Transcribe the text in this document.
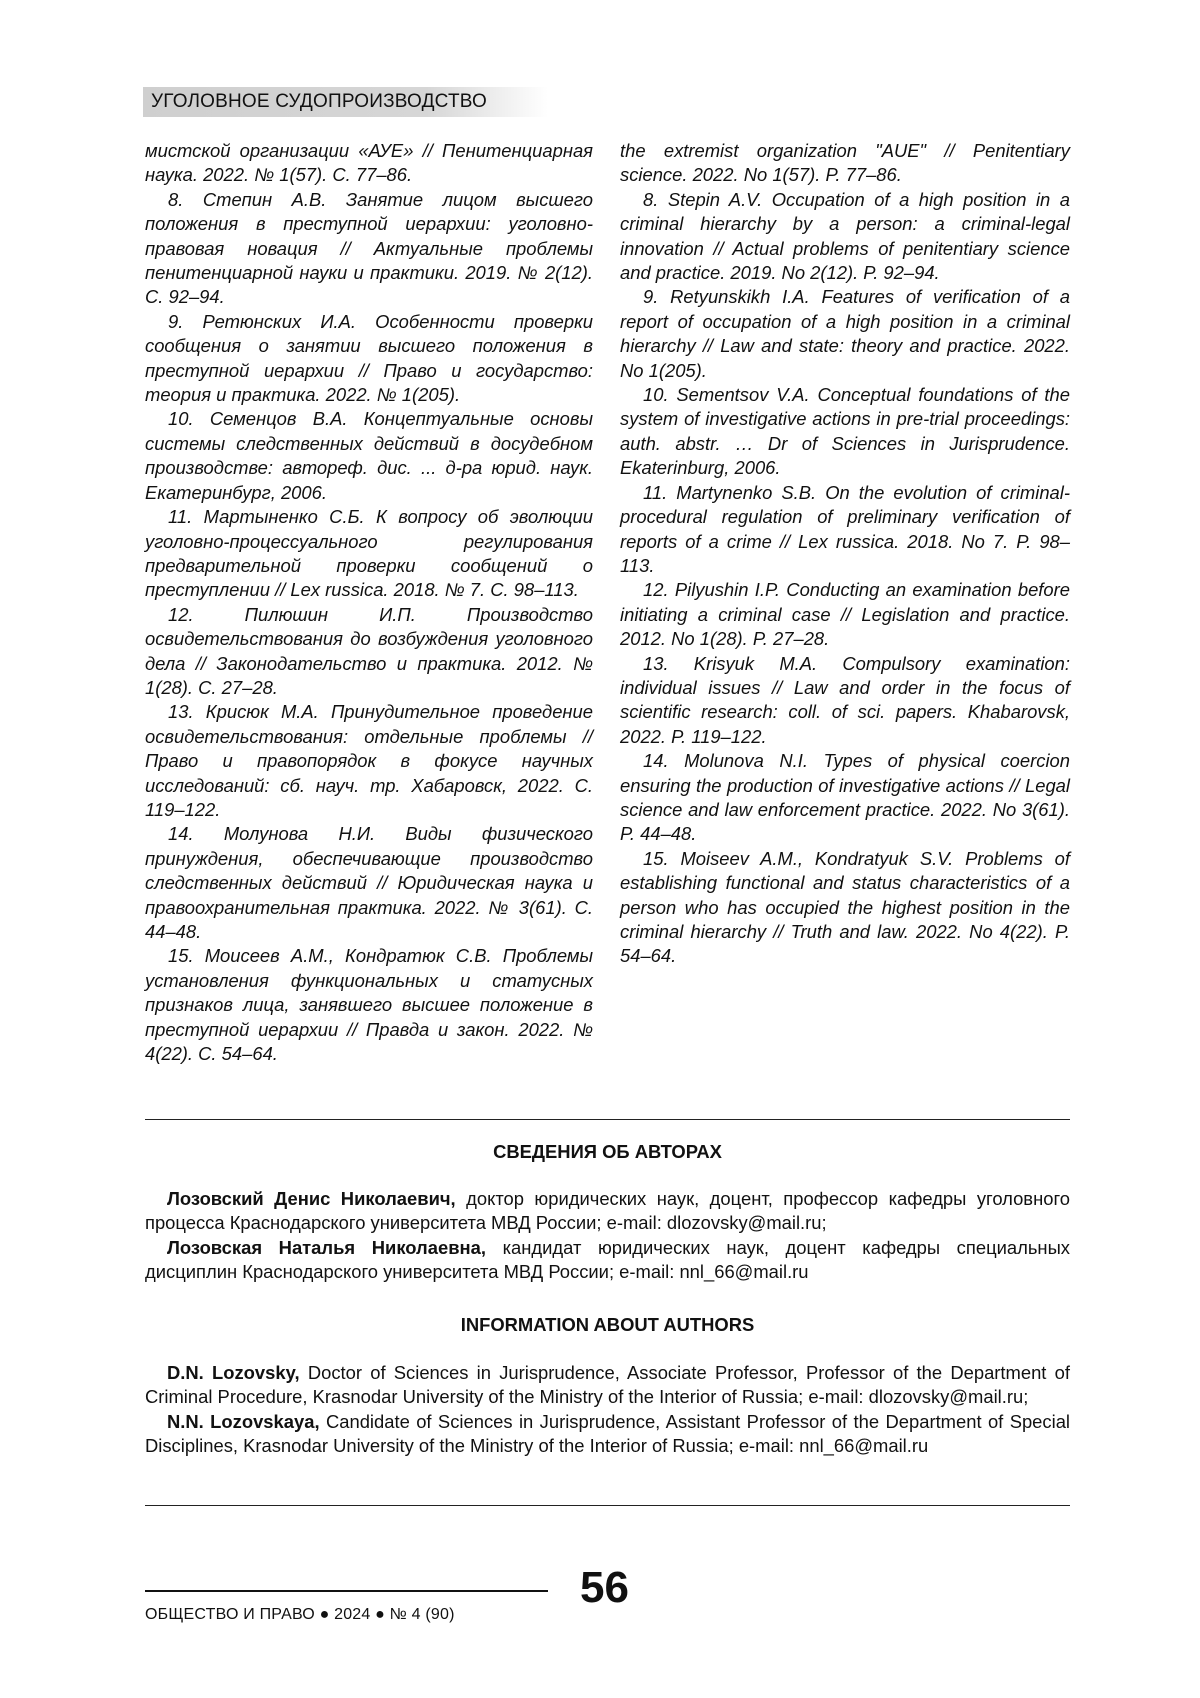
УГОЛОВНОЕ СУДОПРОИЗВОДСТВО

мистской организации «АУЕ» // Пенитенциарная наука. 2022. № 1(57). С. 77–86.

8. Степин А.В. Занятие лицом высшего положения в преступной иерархии: уголовно-правовая новация // Актуальные проблемы пенитенциарной науки и практики. 2019. № 2(12). С. 92–94.

9. Ретюнских И.А. Особенности проверки сообщения о занятии высшего положения в преступной иерархии // Право и государство: теория и практика. 2022. № 1(205).

10. Семенцов В.А. Концептуальные основы системы следственных действий в досудебном производстве: автореф. дис. ... д-ра юрид. наук. Екатеринбург, 2006.

11. Мартыненко С.Б. К вопросу об эволюции уголовно-процессуального регулирования предварительной проверки сообщений о преступлении // Lex russica. 2018. № 7. С. 98–113.

12. Пилюшин И.П. Производство освидетельствования до возбуждения уголовного дела // Законодательство и практика. 2012. № 1(28). С. 27–28.

13. Крисюк М.А. Принудительное проведение освидетельствования: отдельные проблемы // Право и правопорядок в фокусе научных исследований: сб. науч. тр. Хабаровск, 2022. С. 119–122.

14. Молунова Н.И. Виды физического принуждения, обеспечивающие производство следственных действий // Юридическая наука и правоохранительная практика. 2022. № 3(61). С. 44–48.

15. Моисеев А.М., Кондратюк С.В. Проблемы установления функциональных и статусных признаков лица, занявшего высшее положение в преступной иерархии // Правда и закон. 2022. № 4(22). С. 54–64.

the extremist organization "AUE" // Penitentiary science. 2022. No 1(57). P. 77–86.

8. Stepin A.V. Occupation of a high position in a criminal hierarchy by a person: a criminal-legal innovation // Actual problems of penitentiary science and practice. 2019. No 2(12). P. 92–94.

9. Retyunskikh I.A. Features of verification of a report of occupation of a high position in a criminal hierarchy // Law and state: theory and practice. 2022. No 1(205).

10. Sementsov V.A. Conceptual foundations of the system of investigative actions in pre-trial proceedings: auth. abstr. … Dr of Sciences in Jurisprudence. Ekaterinburg, 2006.

11. Martynenko S.B. On the evolution of criminal-procedural regulation of preliminary verification of reports of a crime // Lex russica. 2018. No 7. P. 98–113.

12. Pilyushin I.P. Conducting an examination before initiating a criminal case // Legislation and practice. 2012. No 1(28). P. 27–28.

13. Krisyuk M.A. Compulsory examination: individual issues // Law and order in the focus of scientific research: coll. of sci. papers. Khabarovsk, 2022. P. 119–122.

14. Molunova N.I. Types of physical coercion ensuring the production of investigative actions // Legal science and law enforcement practice. 2022. No 3(61). P. 44–48.

15. Moiseev A.M., Kondratyuk S.V. Problems of establishing functional and status characteristics of a person who has occupied the highest position in the criminal hierarchy // Truth and law. 2022. No 4(22). P. 54–64.

СВЕДЕНИЯ ОБ АВТОРАХ

Лозовский Денис Николаевич, доктор юридических наук, доцент, профессор кафедры уголовного процесса Краснодарского университета МВД России; e-mail: dlozovsky@mail.ru;

Лозовская Наталья Николаевна, кандидат юридических наук, доцент кафедры специальных дисциплин Краснодарского университета МВД России; e-mail: nnl_66@mail.ru

INFORMATION ABOUT AUTHORS

D.N. Lozovsky, Doctor of Sciences in Jurisprudence, Associate Professor, Professor of the Department of Criminal Procedure, Krasnodar University of the Ministry of the Interior of Russia; e-mail: dlozovsky@mail.ru;

N.N. Lozovskaya, Candidate of Sciences in Jurisprudence, Assistant Professor of the Department of Special Disciplines, Krasnodar University of the Ministry of the Interior of Russia; e-mail: nnl_66@mail.ru

ОБЩЕСТВО И ПРАВО ● 2024 ● № 4 (90)
56
